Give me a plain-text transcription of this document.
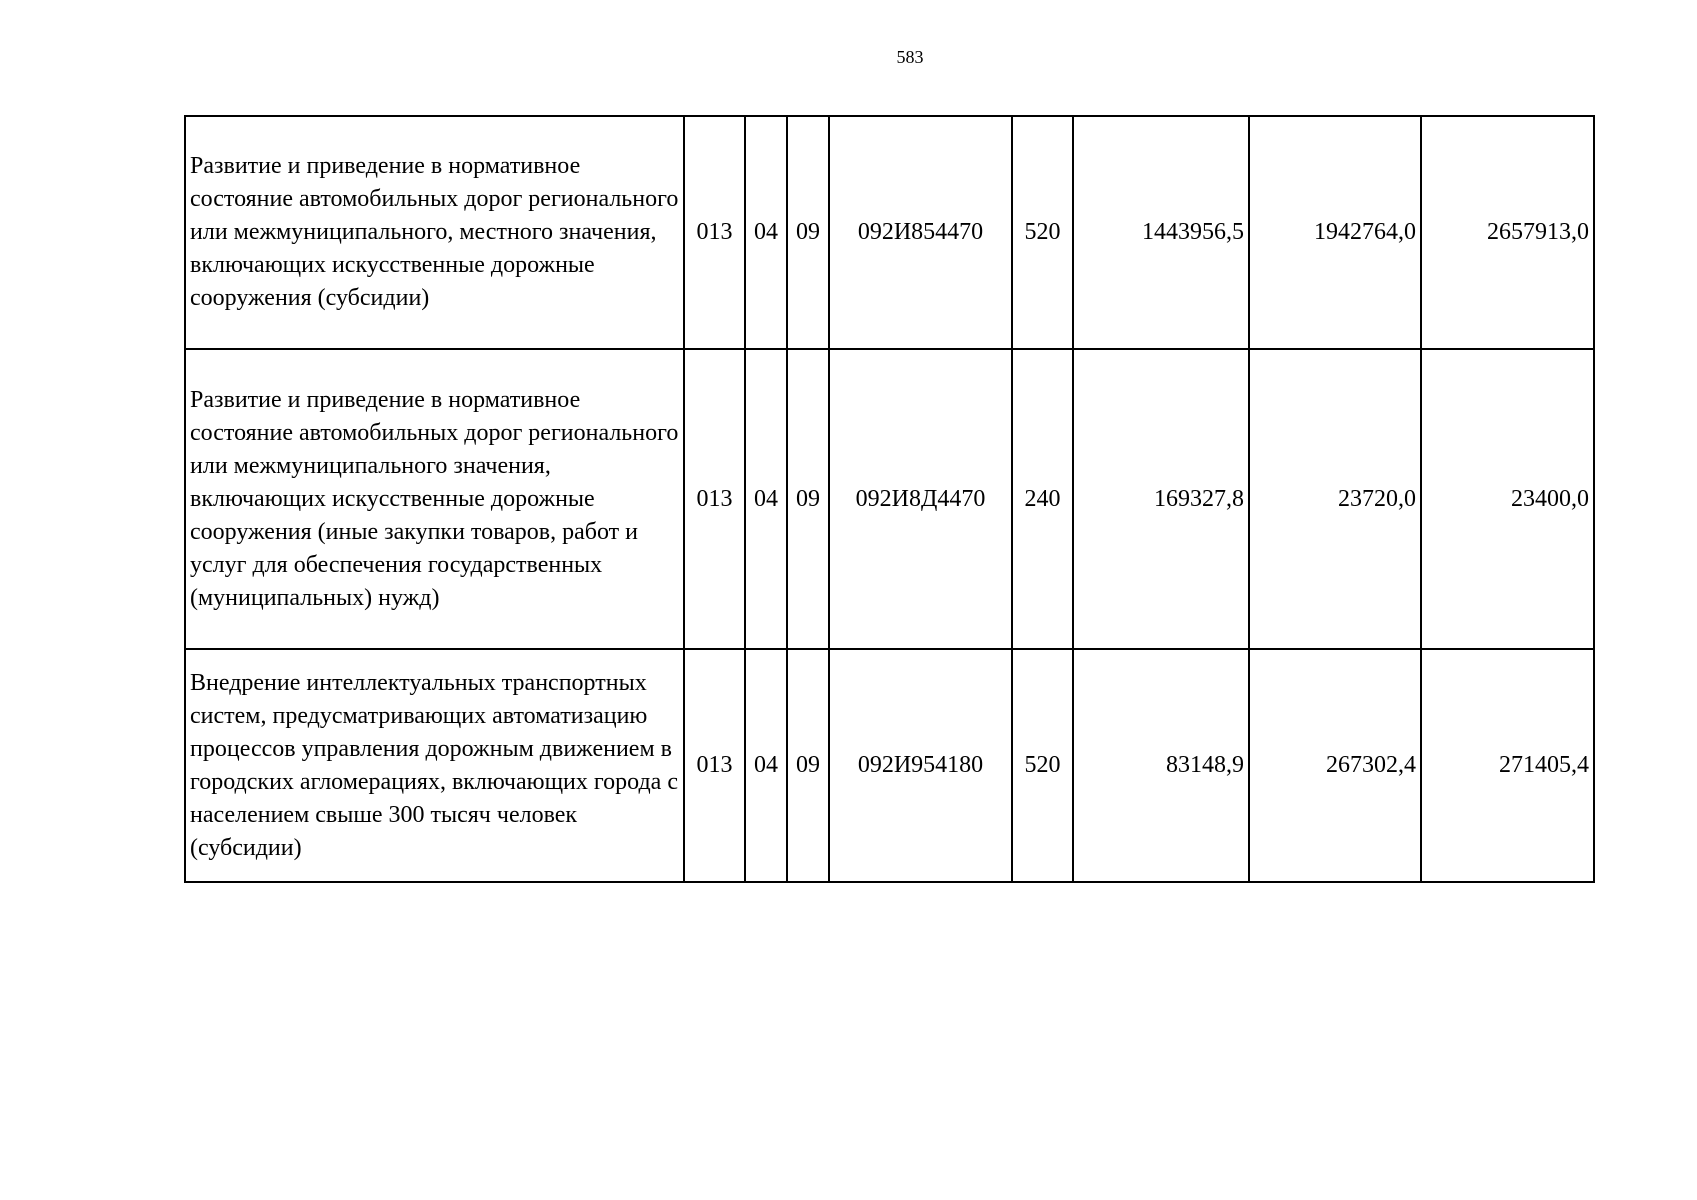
583
Развитие и приведение в нормативное состояние автомобильных дорог регионального или межмуниципального, местного значения, включающих искусственные дорожные сооружения (субсидии)	013	04	09	092И854470	520	1443956,5	1942764,0	2657913,0
Развитие и приведение в нормативное состояние автомобильных дорог регионального или межмуниципального значения, включающих искусственные дорожные сооружения (иные закупки товаров, работ и услуг для обеспечения государственных (муниципальных) нужд)	013	04	09	092И8Д4470	240	169327,8	23720,0	23400,0
Внедрение интеллектуальных транспортных систем, предусматривающих автоматизацию процессов управления дорожным движением в городских агломерациях, включающих города с населением свыше 300 тысяч человек (субсидии)	013	04	09	092И954180	520	83148,9	267302,4	271405,4
